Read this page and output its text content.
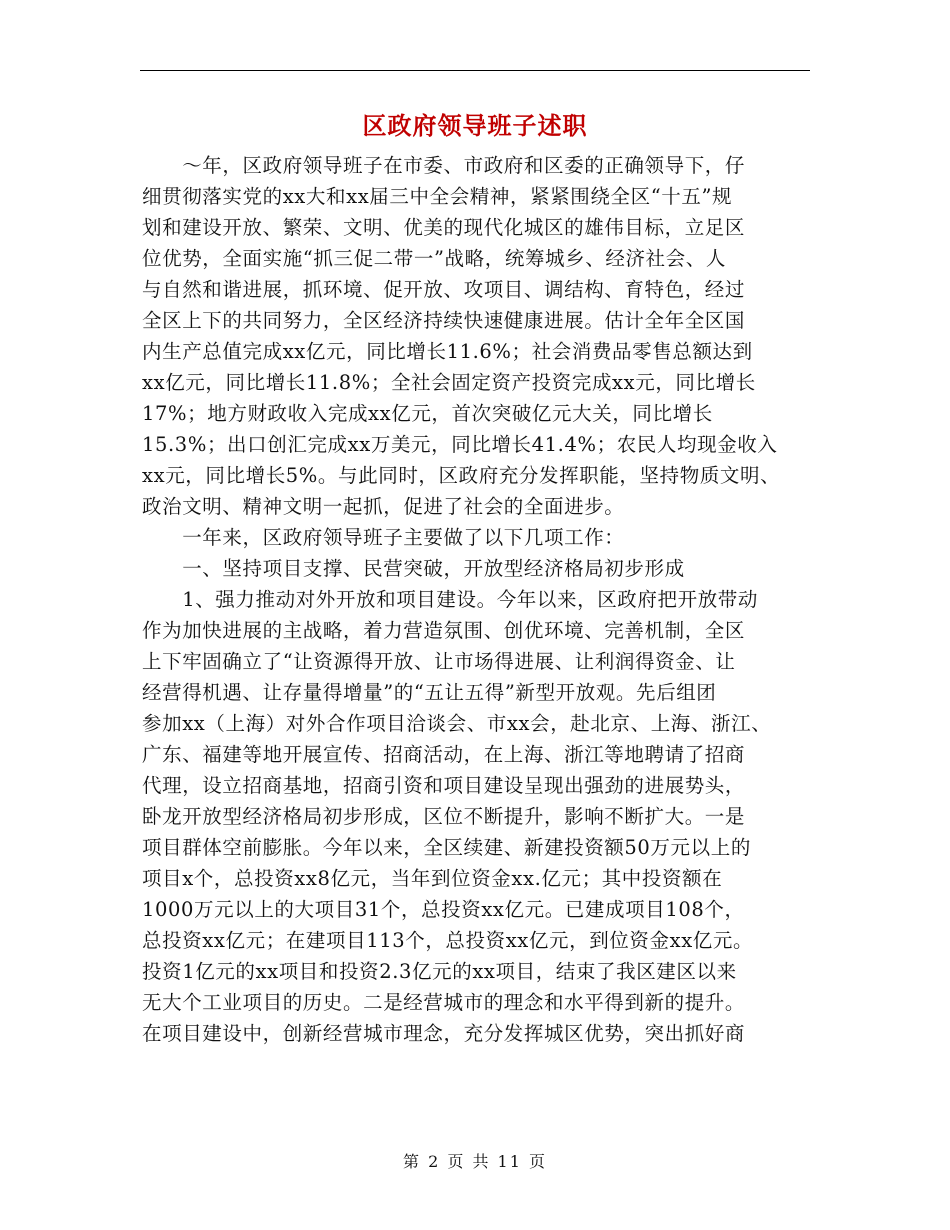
区政府领导班子述职
　　～年，区政府领导班子在市委、市政府和区委的正确领导下，仔
细贯彻落实党的xx大和xx届三中全会精神，紧紧围绕全区“十五”规
划和建设开放、繁荣、文明、优美的现代化城区的雄伟目标，立足区
位优势，全面实施“抓三促二带一”战略，统筹城乡、经济社会、人
与自然和谐进展，抓环境、促开放、攻项目、调结构、育特色，经过
全区上下的共同努力，全区经济持续快速健康进展。估计全年全区国
内生产总值完成xx亿元，同比增长11.6%；社会消费品零售总额达到
xx亿元，同比增长11.8%；全社会固定资产投资完成xx元，同比增长
17%；地方财政收入完成xx亿元，首次突破亿元大关，同比增长
15.3%；出口创汇完成xx万美元，同比增长41.4%；农民人均现金收入
xx元，同比增长5%。与此同时，区政府充分发挥职能，坚持物质文明、
政治文明、精神文明一起抓，促进了社会的全面进步。
　　一年来，区政府领导班子主要做了以下几项工作：
　　一、坚持项目支撑、民营突破，开放型经济格局初步形成
　　1、强力推动对外开放和项目建设。今年以来，区政府把开放带动
作为加快进展的主战略，着力营造氛围、创优环境、完善机制，全区
上下牢固确立了“让资源得开放、让市场得进展、让利润得资金、让
经营得机遇、让存量得增量”的“五让五得”新型开放观。先后组团
参加xx（上海）对外合作项目洽谈会、市xx会，赴北京、上海、浙江、
广东、福建等地开展宣传、招商活动，在上海、浙江等地聘请了招商
代理，设立招商基地，招商引资和项目建设呈现出强劲的进展势头，
卧龙开放型经济格局初步形成，区位不断提升，影响不断扩大。一是
项目群体空前膨胀。今年以来，全区续建、新建投资额50万元以上的
项目x个，总投资xx8亿元，当年到位资金xx.亿元；其中投资额在
1000万元以上的大项目31个，总投资xx亿元。已建成项目108个，
总投资xx亿元；在建项目113个，总投资xx亿元，到位资金xx亿元。
投资1亿元的xx项目和投资2.3亿元的xx项目，结束了我区建区以来
无大个工业项目的历史。二是经营城市的理念和水平得到新的提升。
在项目建设中，创新经营城市理念，充分发挥城区优势，突出抓好商
第 2 页 共 11 页
